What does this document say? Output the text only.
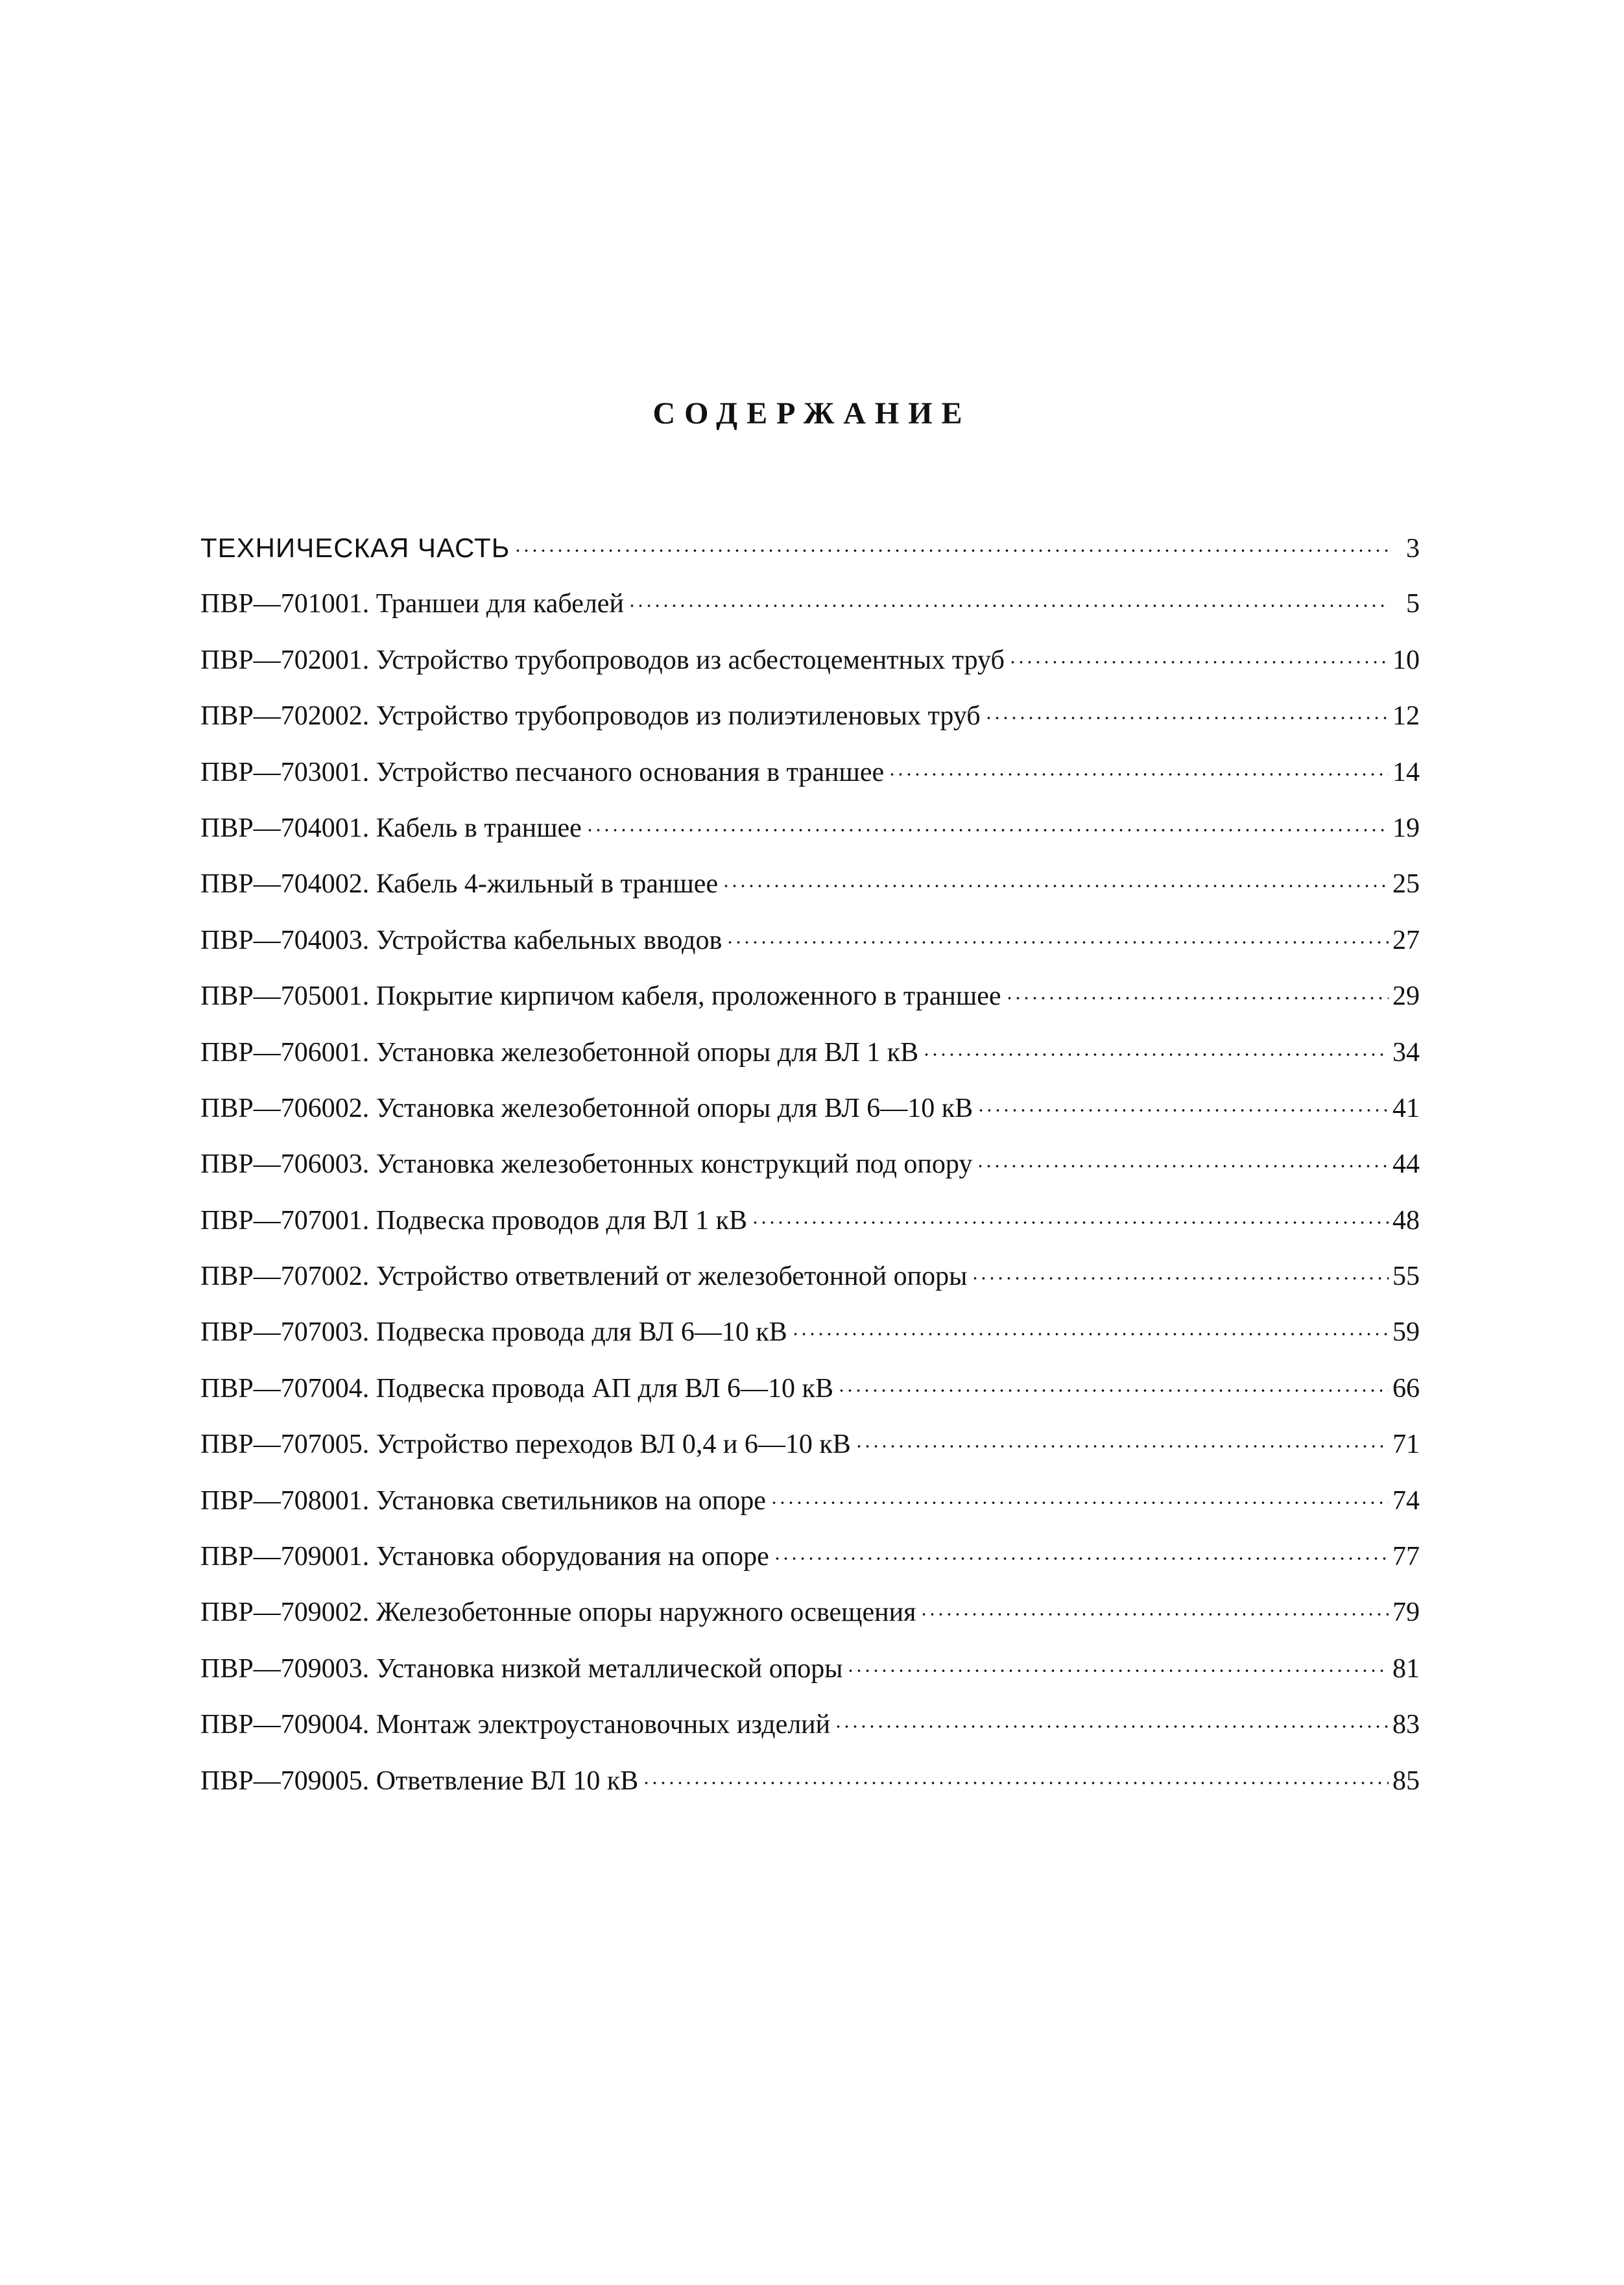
СОДЕРЖАНИЕ
ТЕХНИЧЕСКАЯ ЧАСТЬ	3
ПВР—701001. Траншеи для кабелей	5
ПВР—702001. Устройство трубопроводов из асбестоцементных труб	10
ПВР—702002. Устройство трубопроводов из полиэтиленовых труб	12
ПВР—703001. Устройство песчаного основания в траншее	14
ПВР—704001. Кабель в траншее	19
ПВР—704002. Кабель 4-жильный в траншее	25
ПВР—704003. Устройства кабельных вводов	27
ПВР—705001. Покрытие кирпичом кабеля, проложенного в траншее	29
ПВР—706001. Установка железобетонной опоры для ВЛ 1 кВ	34
ПВР—706002. Установка железобетонной опоры для ВЛ 6—10 кВ	41
ПВР—706003. Установка железобетонных конструкций под опору	44
ПВР—707001. Подвеска проводов для ВЛ 1 кВ	48
ПВР—707002. Устройство ответвлений от железобетонной опоры	55
ПВР—707003. Подвеска провода для ВЛ 6—10 кВ	59
ПВР—707004. Подвеска провода АП для ВЛ 6—10 кВ	66
ПВР—707005. Устройство переходов ВЛ 0,4 и 6—10 кВ	71
ПВР—708001. Установка светильников на опоре	74
ПВР—709001. Установка оборудования на опоре	77
ПВР—709002. Железобетонные опоры наружного освещения	79
ПВР—709003. Установка низкой металлической опоры	81
ПВР—709004. Монтаж электроустановочных изделий	83
ПВР—709005. Ответвление ВЛ 10 кВ	85
